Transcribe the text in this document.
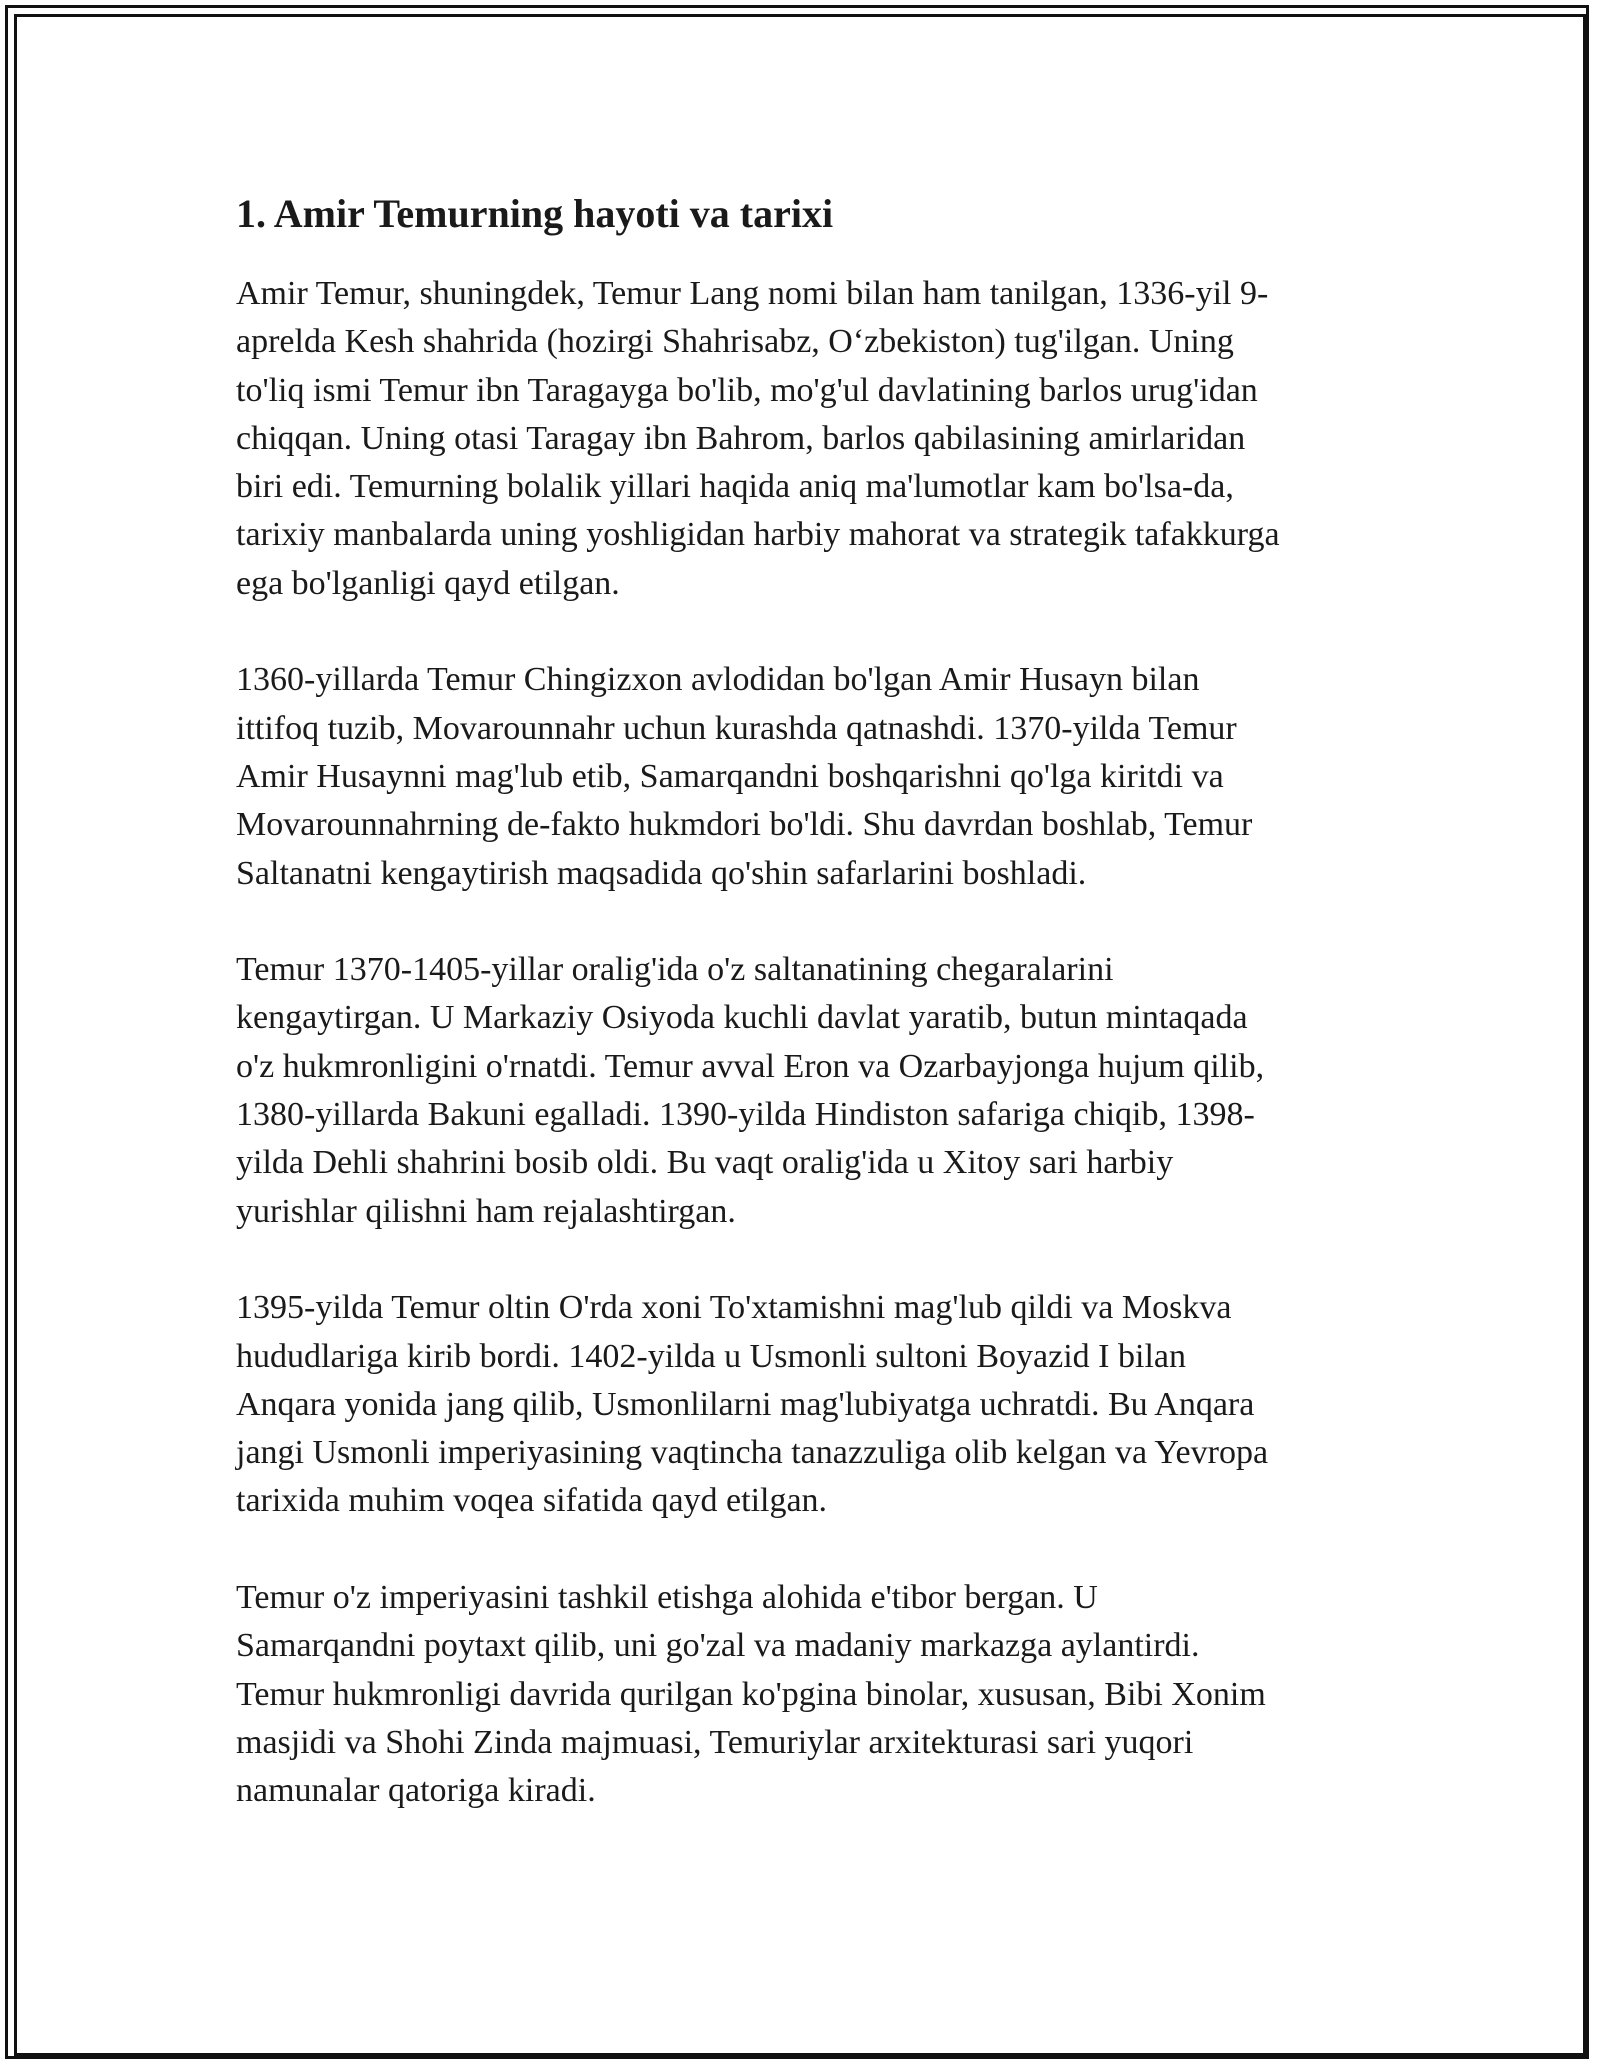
1. Amir Temurning hayoti va tarixi
Amir Temur, shuningdek, Temur Lang nomi bilan ham tanilgan, 1336-yil 9-
aprelda Kesh shahrida (hozirgi Shahrisabz, O‘zbekiston) tug'ilgan. Uning
to'liq ismi Temur ibn Taragayga bo'lib, mo'g'ul davlatining barlos urug'idan
chiqqan. Uning otasi Taragay ibn Bahrom, barlos qabilasining amirlaridan
biri edi. Temurning bolalik yillari haqida aniq ma'lumotlar kam bo'lsa-da,
tarixiy manbalarda uning yoshligidan harbiy mahorat va strategik tafakkurga
ega bo'lganligi qayd etilgan.
1360-yillarda Temur Chingizxon avlodidan bo'lgan Amir Husayn bilan
ittifoq tuzib, Movarounnahr uchun kurashda qatnashdi. 1370-yilda Temur
Amir Husaynni mag'lub etib, Samarqandni boshqarishni qo'lga kiritdi va
Movarounnahrning de-fakto hukmdori bo'ldi. Shu davrdan boshlab, Temur
Saltanatni kengaytirish maqsadida qo'shin safarlarini boshladi.
Temur 1370-1405-yillar oralig'ida o'z saltanatining chegaralarini
kengaytirgan. U Markaziy Osiyoda kuchli davlat yaratib, butun mintaqada
o'z hukmronligini o'rnatdi. Temur avval Eron va Ozarbayjonga hujum qilib,
1380-yillarda Bakuni egalladi. 1390-yilda Hindiston safariga chiqib, 1398-
yilda Dehli shahrini bosib oldi. Bu vaqt oralig'ida u Xitoy sari harbiy
yurishlar qilishni ham rejalashtirgan.
1395-yilda Temur oltin O'rda xoni To'xtamishni mag'lub qildi va Moskva
hududlariga kirib bordi. 1402-yilda u Usmonli sultoni Boyazid I bilan
Anqara yonida jang qilib, Usmonlilarni mag'lubiyatga uchratdi. Bu Anqara
jangi Usmonli imperiyasining vaqtincha tanazzuliga olib kelgan va Yevropa
tarixida muhim voqea sifatida qayd etilgan.
Temur o'z imperiyasini tashkil etishga alohida e'tibor bergan. U
Samarqandni poytaxt qilib, uni go'zal va madaniy markazga aylantirdi.
Temur hukmronligi davrida qurilgan ko'pgina binolar, xususan, Bibi Xonim
masjidi va Shohi Zinda majmuasi, Temuriylar arxitekturasi sari yuqori
namunalar qatoriga kiradi.
